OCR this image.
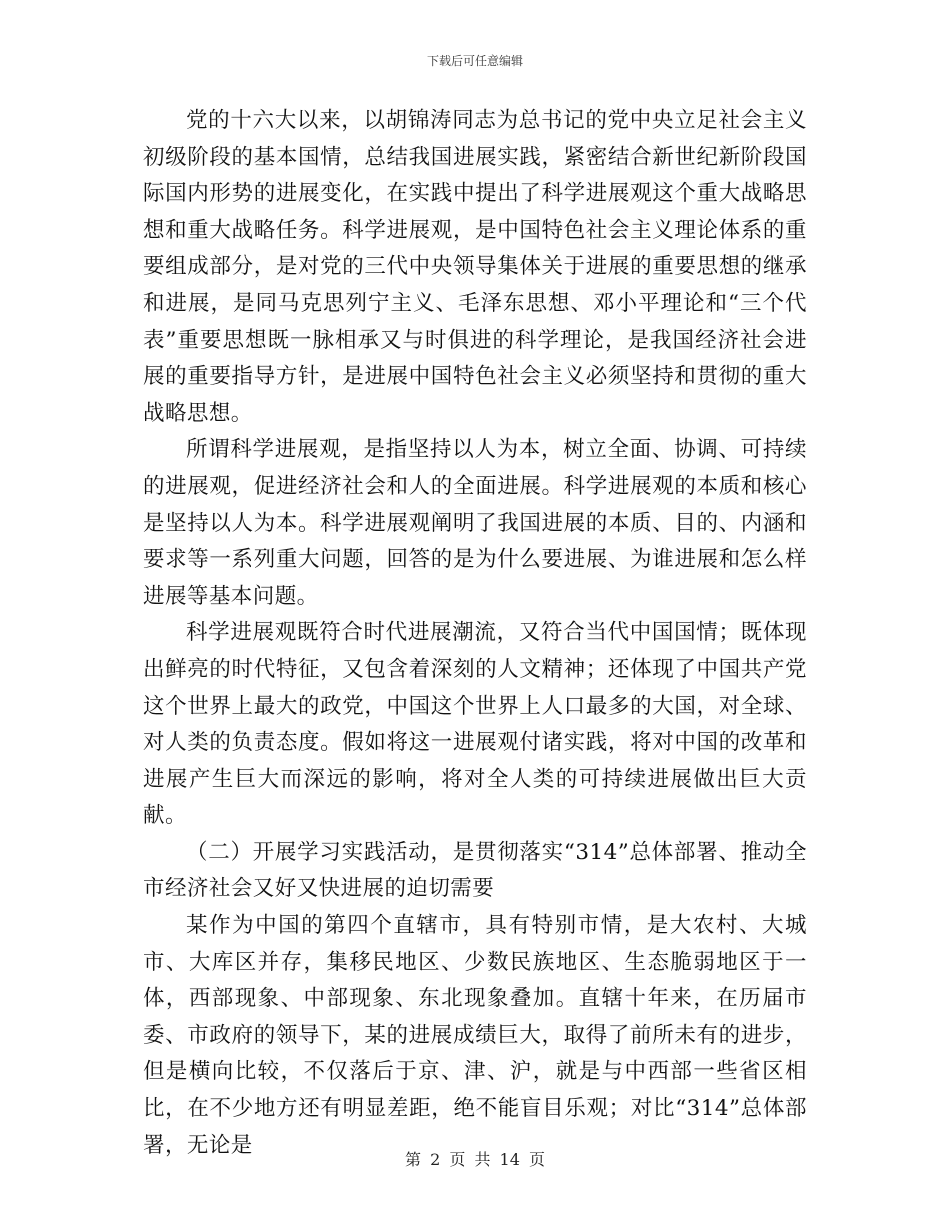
下载后可任意编辑

党的十六大以来，以胡锦涛同志为总书记的党中央立足社会主义初级阶段的基本国情，总结我国进展实践，紧密结合新世纪新阶段国际国内形势的进展变化，在实践中提出了科学进展观这个重大战略思想和重大战略任务。科学进展观，是中国特色社会主义理论体系的重要组成部分，是对党的三代中央领导集体关于进展的重要思想的继承和进展，是同马克思列宁主义、毛泽东思想、邓小平理论和“三个代表”重要思想既一脉相承又与时俱进的科学理论，是我国经济社会进展的重要指导方针，是进展中国特色社会主义必须坚持和贯彻的重大战略思想。

所谓科学进展观，是指坚持以人为本，树立全面、协调、可持续的进展观，促进经济社会和人的全面进展。科学进展观的本质和核心是坚持以人为本。科学进展观阐明了我国进展的本质、目的、内涵和要求等一系列重大问题，回答的是为什么要进展、为谁进展和怎么样进展等基本问题。

科学进展观既符合时代进展潮流，又符合当代中国国情；既体现出鲜亮的时代特征，又包含着深刻的人文精神；还体现了中国共产党这个世界上最大的政党，中国这个世界上人口最多的大国，对全球、对人类的负责态度。假如将这一进展观付诸实践，将对中国的改革和进展产生巨大而深远的影响，将对全人类的可持续进展做出巨大贡献。

（二）开展学习实践活动，是贯彻落实“314”总体部署、推动全市经济社会又好又快进展的迫切需要

某作为中国的第四个直辖市，具有特别市情，是大农村、大城市、大库区并存，集移民地区、少数民族地区、生态脆弱地区于一体，西部现象、中部现象、东北现象叠加。直辖十年来，在历届市委、市政府的领导下，某的进展成绩巨大，取得了前所未有的进步，但是横向比较，不仅落后于京、津、沪，就是与中西部一些省区相比，在不少地方还有明显差距，绝不能盲目乐观；对比“314”总体部署，无论是

第 2 页 共 14 页
